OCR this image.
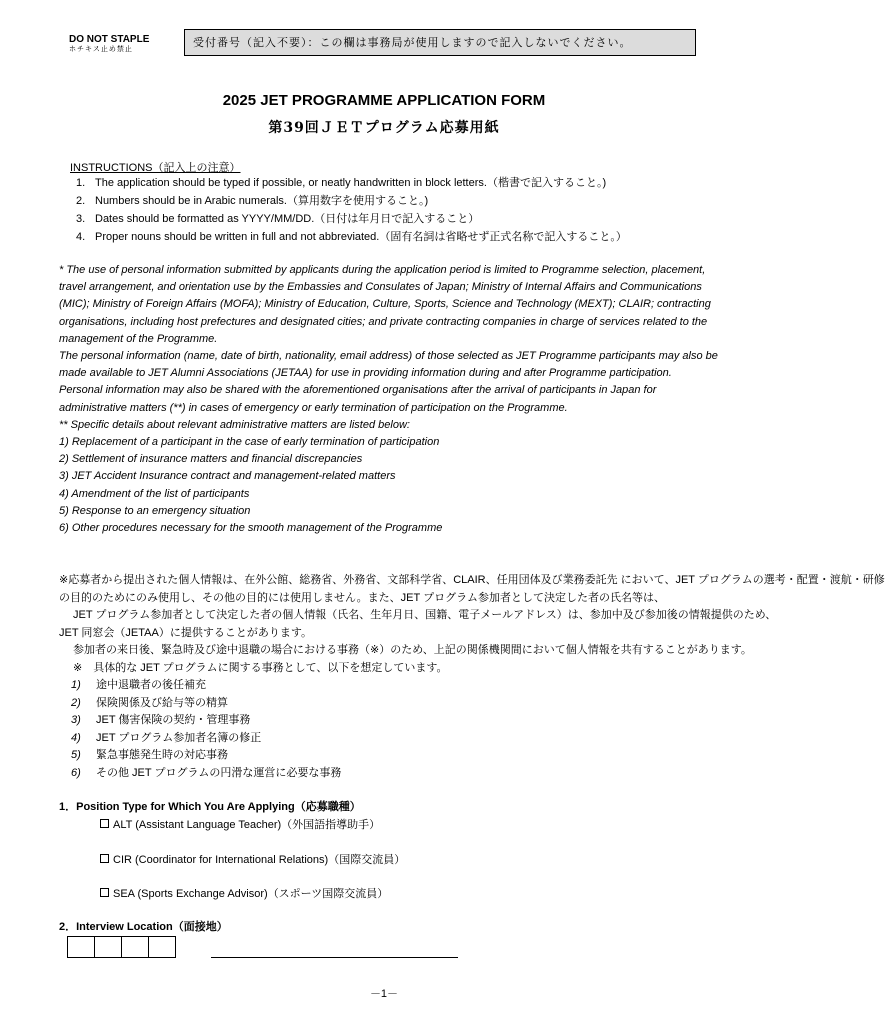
DO NOT STAPLE
ホチキス止め禁止
受付番号（記入不要）：この欄は事務局が使用しますので記入しないでください。
2025 JET PROGRAMME APPLICATION FORM
第39回ＪＥＴプログラム応募用紙
INSTRUCTIONS（記入上の注意）
1. The application should be typed if possible, or neatly handwritten in block letters.（楷書で記入すること。)
2. Numbers should be in Arabic numerals.（算用数字を使用すること。)
3. Dates should be formatted as YYYY/MM/DD.（日付は年月日で記入すること）
4. Proper nouns should be written in full and not abbreviated.（固有名詞は省略せず正式名称で記入すること。）

* The use of personal information submitted by applicants during the application period is limited to Programme selection, placement, travel arrangement, and orientation use by the Embassies and Consulates of Japan; Ministry of Internal Affairs and Communications (MIC); Ministry of Foreign Affairs (MOFA); Ministry of Education, Culture, Sports, Science and Technology (MEXT); CLAIR; contracting organisations, including host prefectures and designated cities; and private contracting companies in charge of services related to the management of the Programme.

The personal information (name, date of birth, nationality, email address) of those selected as JET Programme participants may also be made available to JET Alumni Associations (JETAA) for use in providing information during and after Programme participation.

Personal information may also be shared with the aforementioned organisations after the arrival of participants in Japan for administrative matters (**) in cases of emergency or early termination of participation on the Programme.

** Specific details about relevant administrative matters are listed below:

1) Replacement of a participant in the case of early termination of participation

2) Settlement of insurance matters and financial discrepancies

3) JET Accident Insurance contract and management-related matters

4) Amendment of the list of participants

5) Response to an emergency situation

6) Other procedures necessary for the smooth management of the Programme

※応募者から提出された個人情報は、在外公館、総務省、外務省、文部科学省、CLAIR、任用団体及び業務委託先 において、JET プログラムの選考・配置・渡航・研修

の目的のためにのみ使用し、その他の目的には使用しません。また、JET プログラム参加者として決定した者の氏名等は、

JET プログラム参加者として決定した者の個人情報（氏名、生年月日、国籍、電子メールアドレス）は、参加中及び参加後の情報提供のため、

JET 同窓会（JETAA）に提供することがあります。

参加者の来日後、緊急時及び途中退職の場合における事務（※）のため、上記の関係機関間において個人情報を共有することがあります。

※　具体的な JET プログラムに関する事務として、以下を想定しています。

1) 途中退職者の後任補充
2) 保険関係及び給与等の精算
3) JET 傷害保険の契約・管理事務
4) JET プログラム参加者名簿の修正
5) 緊急事態発生時の対応事務
6) その他 JET プログラムの円滑な運営に必要な事務
1．Position Type for Which You Are Applying（応募職種）
ALT (Assistant Language Teacher)（外国語指導助手）
CIR (Coordinator for International Relations)（国際交流員）
SEA (Sports Exchange Advisor)（スポーツ国際交流員）
2．Interview Location（面接地）
－1－
